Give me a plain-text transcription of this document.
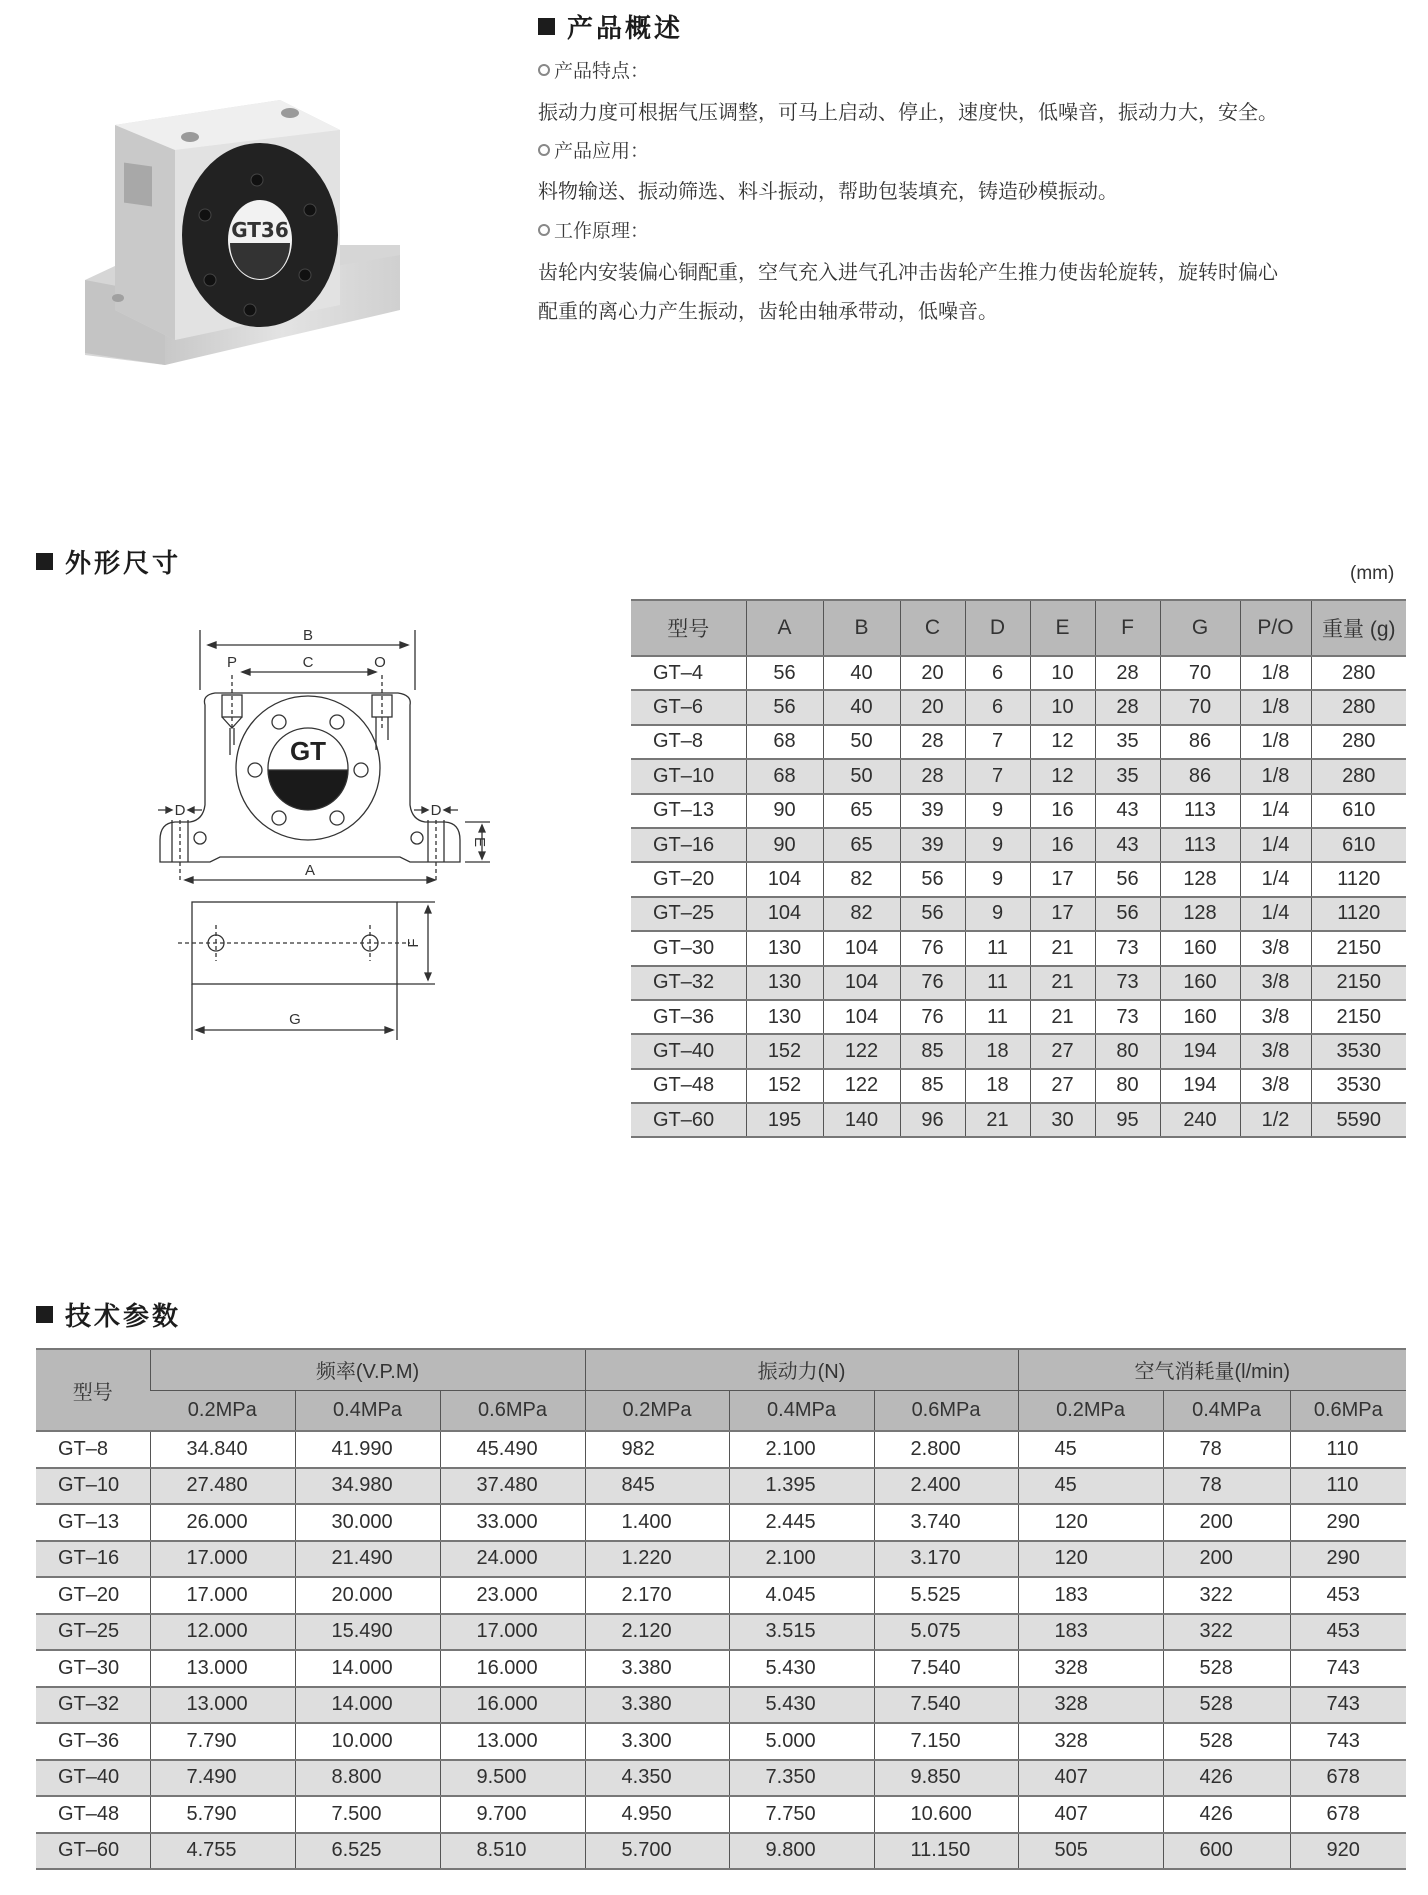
产品概述
GT36
产品特点：
振动力度可根据气压调整，可马上启动、停止，速度快，低噪音，振动力大，安全。
产品应用：
料物输送、振动筛选、料斗振动，帮助包装填充，铸造砂模振动。
工作原理：
齿轮内安装偏心铜配重，空气充入进气孔冲击齿轮产生推力使齿轮旋转，旋转时偏心
配重的离心力产生振动，齿轮由轴承带动，低噪音。
外形尺寸
B
C
P	O
GT
D	D
E
A
F
G
(mm)
型号	A	B	C	D	E	F	G	P/O	重量 (g)
GT–4	56	40	20	6	10	28	70	1/8	280
GT–6	56	40	20	6	10	28	70	1/8	280
GT–8	68	50	28	7	12	35	86	1/8	280
GT–10	68	50	28	7	12	35	86	1/8	280
GT–13	90	65	39	9	16	43	113	1/4	610
GT–16	90	65	39	9	16	43	113	1/4	610
GT–20	104	82	56	9	17	56	128	1/4	1120
GT–25	104	82	56	9	17	56	128	1/4	1120
GT–30	130	104	76	11	21	73	160	3/8	2150
GT–32	130	104	76	11	21	73	160	3/8	2150
GT–36	130	104	76	11	21	73	160	3/8	2150
GT–40	152	122	85	18	27	80	194	3/8	3530
GT–48	152	122	85	18	27	80	194	3/8	3530
GT–60	195	140	96	21	30	95	240	1/2	5590
技术参数
型号	频率(V.P.M)			振动力(N)			空气消耗量(l/min)		
	0.2MPa	0.4MPa	0.6MPa	0.2MPa	0.4MPa	0.6MPa	0.2MPa	0.4MPa	0.6MPa
GT–8	34.840	41.990	45.490	982	2.100	2.800	45	78	110
GT–10	27.480	34.980	37.480	845	1.395	2.400	45	78	110
GT–13	26.000	30.000	33.000	1.400	2.445	3.740	120	200	290
GT–16	17.000	21.490	24.000	1.220	2.100	3.170	120	200	290
GT–20	17.000	20.000	23.000	2.170	4.045	5.525	183	322	453
GT–25	12.000	15.490	17.000	2.120	3.515	5.075	183	322	453
GT–30	13.000	14.000	16.000	3.380	5.430	7.540	328	528	743
GT–32	13.000	14.000	16.000	3.380	5.430	7.540	328	528	743
GT–36	7.790	10.000	13.000	3.300	5.000	7.150	328	528	743
GT–40	7.490	8.800	9.500	4.350	7.350	9.850	407	426	678
GT–48	5.790	7.500	9.700	4.950	7.750	10.600	407	426	678
GT–60	4.755	6.525	8.510	5.700	9.800	11.150	505	600	920
